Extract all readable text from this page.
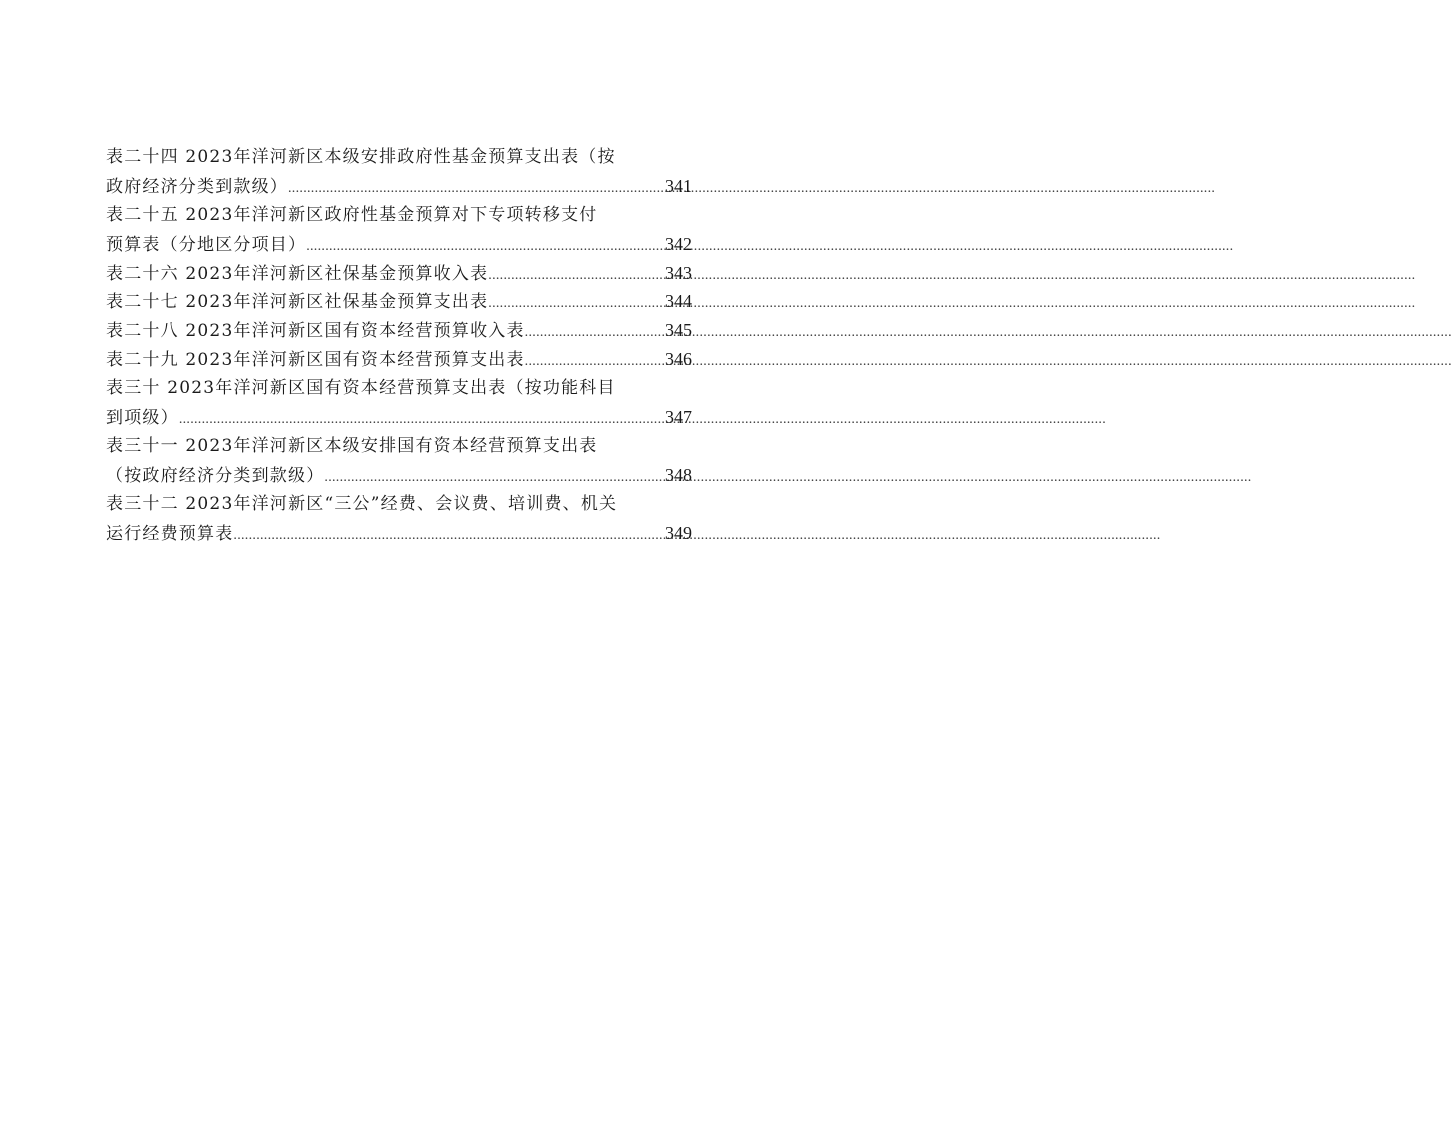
表二十四 2023年洋河新区本级安排政府性基金预算支出表（按
政府经济分类到款级） .....	341
表二十五 2023年洋河新区政府性基金预算对下专项转移支付
预算表（分地区分项目） .....	342
表二十六 2023年洋河新区社保基金预算收入表 .....	343
表二十七 2023年洋河新区社保基金预算支出表 .....	344
表二十八 2023年洋河新区国有资本经营预算收入表 .....	345
表二十九 2023年洋河新区国有资本经营预算支出表 .....	346
表三十 2023年洋河新区国有资本经营预算支出表（按功能科目
到项级） .....	347
表三十一 2023年洋河新区本级安排国有资本经营预算支出表
（按政府经济分类到款级） .....	348
表三十二 2023年洋河新区“三公”经费、会议费、培训费、机关
运行经费预算表 .....	349
